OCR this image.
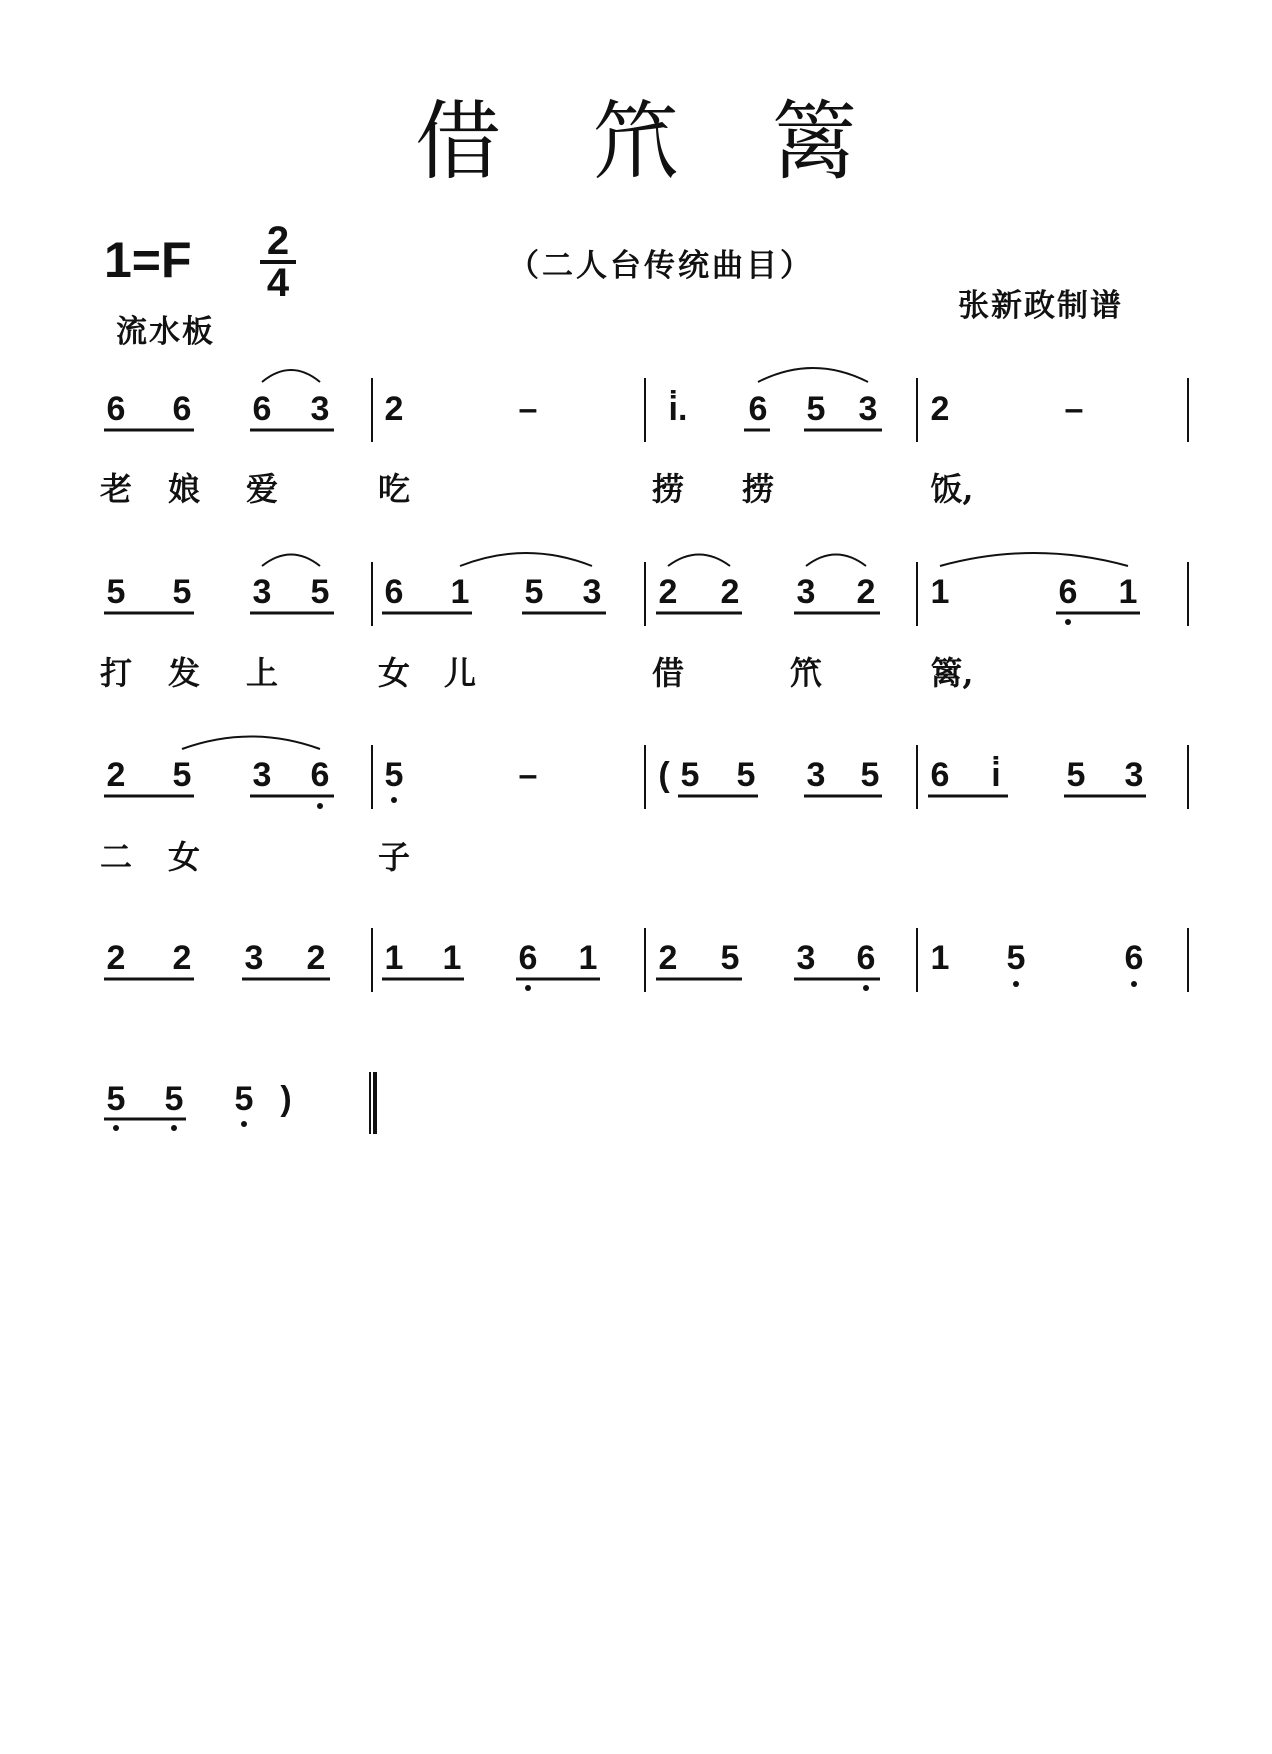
借笊篱
1=F 2
4	（二人台传统曲目）
张新政制谱
流水板
6 6 6 3 2	–	i̇. 6 5 3 2	–
老 娘 爱	吃	捞 捞	饭,
5 5 3 5 6 1 5 3 2 2 3 2 1	6 1
打 发 上	女 儿	借	笊	篱,
2 5 3 6 5	–	( 5 5 3 5 6 i̇ 5 3
二 女	子
2 2 3 2 1 1 6 1 2 5 3 6 1 5	6
5 5 5 )
